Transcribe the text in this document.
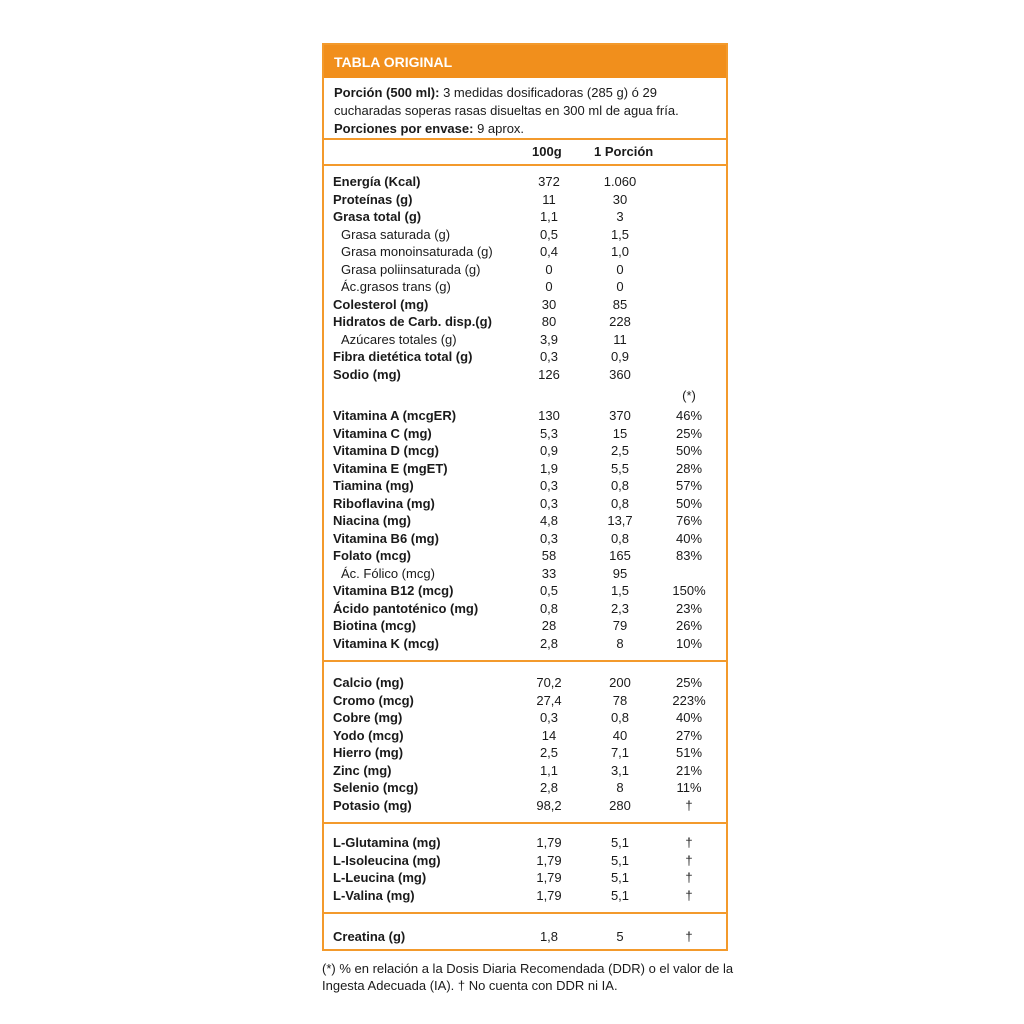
TABLA ORIGINAL
Porción (500 ml): 3 medidas dosificadoras (285 g) ó 29 cucharadas soperas rasas disueltas en 300 ml de agua fría.
Porciones por envase: 9 aprox.
100g 1 Porción
Energía (Kcal)	372	1.060
Proteínas (g)	11	30
Grasa total (g)	1,1	3
Grasa saturada (g)	0,5	1,5
Grasa monoinsaturada (g)	0,4	1,0
Grasa poliinsaturada (g)	0	0
Ác.grasos trans (g)	0	0
Colesterol (mg)	30	85
Hidratos de Carb. disp.(g)	80	228
Azúcares totales (g)	3,9	11
Fibra dietética total (g)	0,3	0,9
Sodio (mg)	126	360
(*)
Vitamina A (mcgER)	130	370	46%
Vitamina C (mg)	5,3	15	25%
Vitamina D (mcg)	0,9	2,5	50%
Vitamina E (mgET)	1,9	5,5	28%
Tiamina (mg)	0,3	0,8	57%
Riboflavina (mg)	0,3	0,8	50%
Niacina (mg)	4,8	13,7	76%
Vitamina B6 (mg)	0,3	0,8	40%
Folato (mcg)	58	165	83%
Ác. Fólico (mcg)	33	95
Vitamina B12 (mcg)	0,5	1,5	150%
Ácido pantoténico (mg)	0,8	2,3	23%
Biotina (mcg)	28	79	26%
Vitamina K (mcg)	2,8	8	10%
Calcio (mg)	70,2	200	25%
Cromo (mcg)	27,4	78	223%
Cobre (mg)	0,3	0,8	40%
Yodo (mcg)	14	40	27%
Hierro (mg)	2,5	7,1	51%
Zinc (mg)	1,1	3,1	21%
Selenio (mcg)	2,8	8	11%
Potasio (mg)	98,2	280	†
L-Glutamina (mg)	1,79	5,1	†
L-Isoleucina (mg)	1,79	5,1	†
L-Leucina (mg)	1,79	5,1	†
L-Valina (mg)	1,79	5,1	†
Creatina (g)	1,8	5	†
(*) % en relación a la Dosis Diaria Recomendada (DDR) o el valor de la Ingesta Adecuada (IA). † No cuenta con DDR ni IA.
